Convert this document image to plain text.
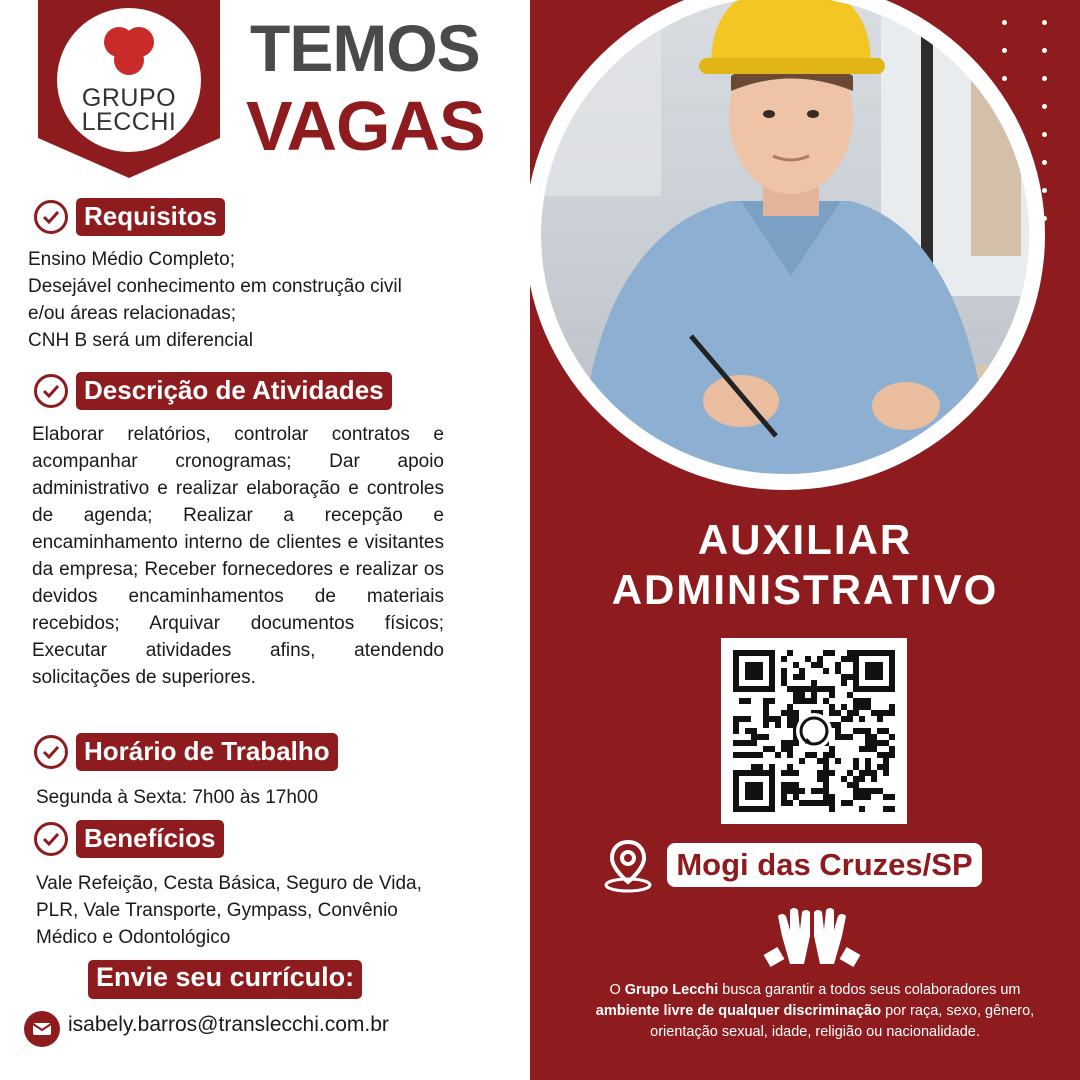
GRUPO
LECCHI
TEMOS
VAGAS
Requisitos
Ensino Médio Completo;
Desejável conhecimento em construção civil
e/ou áreas relacionadas;
CNH B será um diferencial
Descrição de Atividades
Elaborar relatórios, controlar contratos e acompanhar cronogramas; Dar apoio administrativo e realizar elaboração e controles de agenda; Realizar a recepção e encaminhamento interno de clientes e visitantes da empresa; Receber fornecedores e realizar os devidos encaminhamentos de materiais recebidos; Arquivar documentos físicos; Executar atividades afins, atendendo solicitações de superiores.
Horário de Trabalho
Segunda à Sexta: 7h00 às 17h00
Benefícios
Vale Refeição, Cesta Básica, Seguro de Vida,
PLR, Vale Transporte, Gympass, Convênio
Médico e Odontológico
Envie seu currículo:
isabely.barros@translecchi.com.br
AUXILIAR
ADMINISTRATIVO
Mogi das Cruzes/SP
O Grupo Lecchi busca garantir a todos seus colaboradores um ambiente livre de qualquer discriminação por raça, sexo, gênero, orientação sexual, idade, religião ou nacionalidade.
